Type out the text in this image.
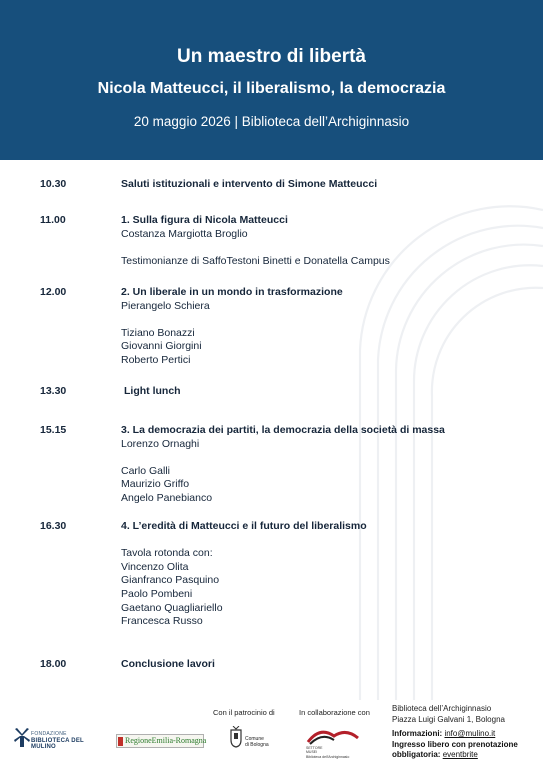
Un maestro di libertà
Nicola Matteucci, il liberalismo, la democrazia
20 maggio 2026 | Biblioteca dell’Archiginnasio
10.30	Saluti istituzionali e intervento di Simone Matteucci
11.00	1. Sulla figura di Nicola Matteucci
Costanza Margiotta Broglio
Testimonianze di SaffoTestoni Binetti e Donatella Campus
12.00	2. Un liberale in un mondo in trasformazione
Pierangelo Schiera
Tiziano Bonazzi
Giovanni Giorgini
Roberto Pertici
13.30	Light lunch
15.15	3. La democrazia dei partiti, la democrazia della società di massa
Lorenzo Ornaghi
Carlo Galli
Maurizio Griffo
Angelo Panebianco
16.30	4. L’eredità di Matteucci e il futuro del liberalismo
Tavola rotonda con:
Vincenzo Olita
Gianfranco Pasquino
Paolo Pombeni
Gaetano Quagliariello
Francesca Russo
18.00	Conclusione lavori
FONDAZIONE
BIBLIOTECA DEL MULINO
RegioneEmilia-Romagna
Con il patrocinio di
Comune
di Bologna
In collaborazione con
SETTORE
MUSEI
Biblioteca dell'Archiginnasio
Biblioteca dell’Archiginnasio
Piazza Luigi Galvani 1, Bologna
Informazioni: info@mulino.it
Ingresso libero con prenotazione
obbligatoria: eventbrite
